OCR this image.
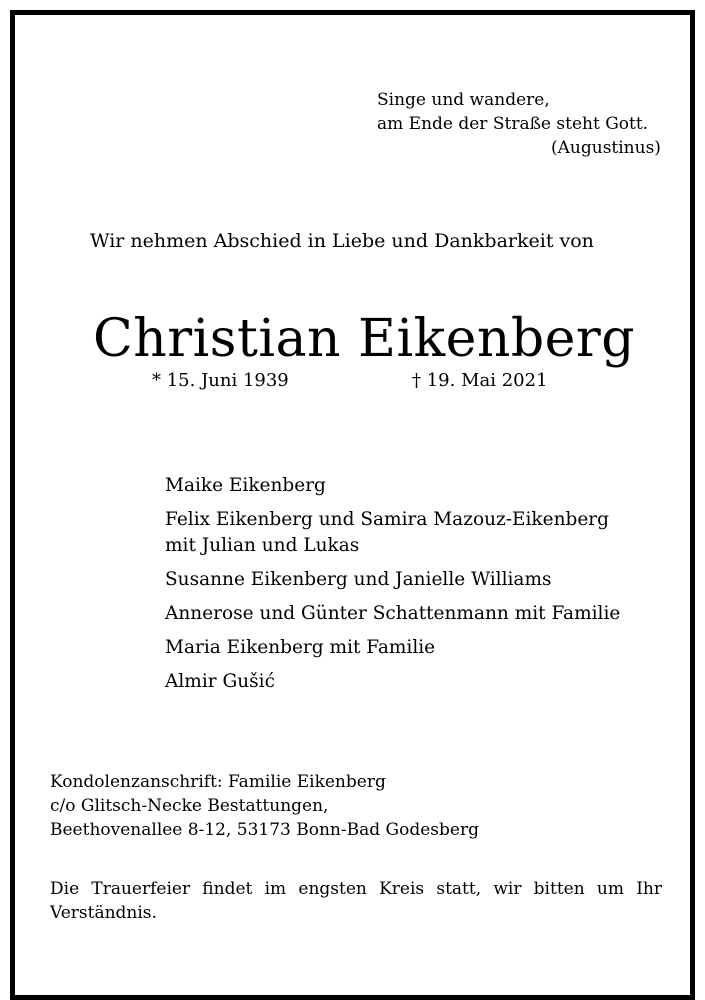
Singe und wandere,
am Ende der Straße steht Gott.
(Augustinus)
Wir nehmen Abschied in Liebe und Dankbarkeit von
Christian Eikenberg
* 15. Juni 1939	† 19. Mai 2021
Maike Eikenberg
Felix Eikenberg und Samira Mazouz-Eikenberg
mit Julian und Lukas
Susanne Eikenberg und Janielle Williams
Annerose und Günter Schattenmann mit Familie
Maria Eikenberg mit Familie
Almir Gušić
Kondolenzanschrift: Familie Eikenberg
c/o Glitsch-Necke Bestattungen,
Beethovenallee 8-12, 53173 Bonn-Bad Godesberg
Die Trauerfeier findet im engsten Kreis statt, wir bitten um Ihr Verständnis.
